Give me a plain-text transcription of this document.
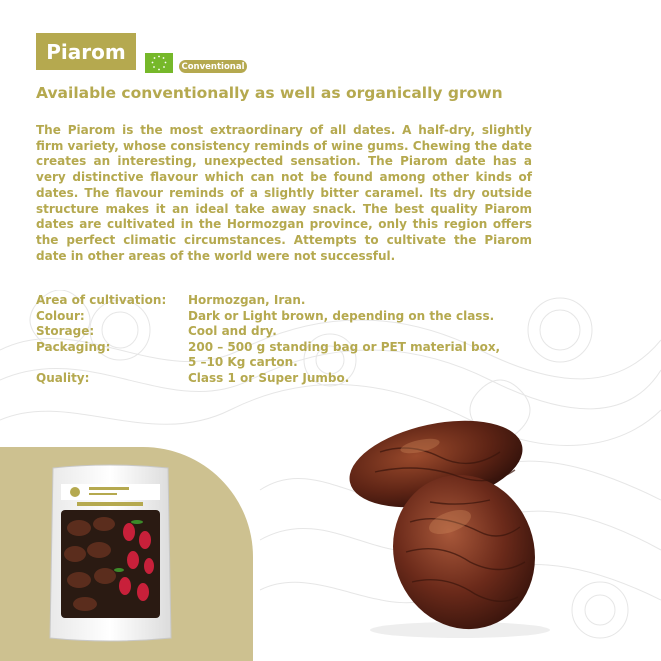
Piarom
Conventional
Available conventionally as well as organically grown
The Piarom is the most extraordinary of all dates. A half-dry, slightly firm variety, whose consistency reminds of wine gums. Chewing the date creates an interesting, unexpected sensation. The Piarom date has a very distinctive flavour which can not be found among other kinds of dates. The flavour reminds of a slightly bitter caramel. Its dry outside structure makes it an ideal take away snack. The best quality Piarom dates are cultivated in the Hormozgan province, only this region offers the perfect climatic circumstances. Attempts to cultivate the Piarom date in other areas of the world were not successful.
Area of cultivation:	Hormozgan, Iran.
Colour:	Dark or Light brown, depending on the class.
Storage:	Cool and dry.
Packaging:	200 – 500 g standing bag or PET material box,
5 –10 Kg carton.
Quality:	Class 1 or Super Jumbo.
